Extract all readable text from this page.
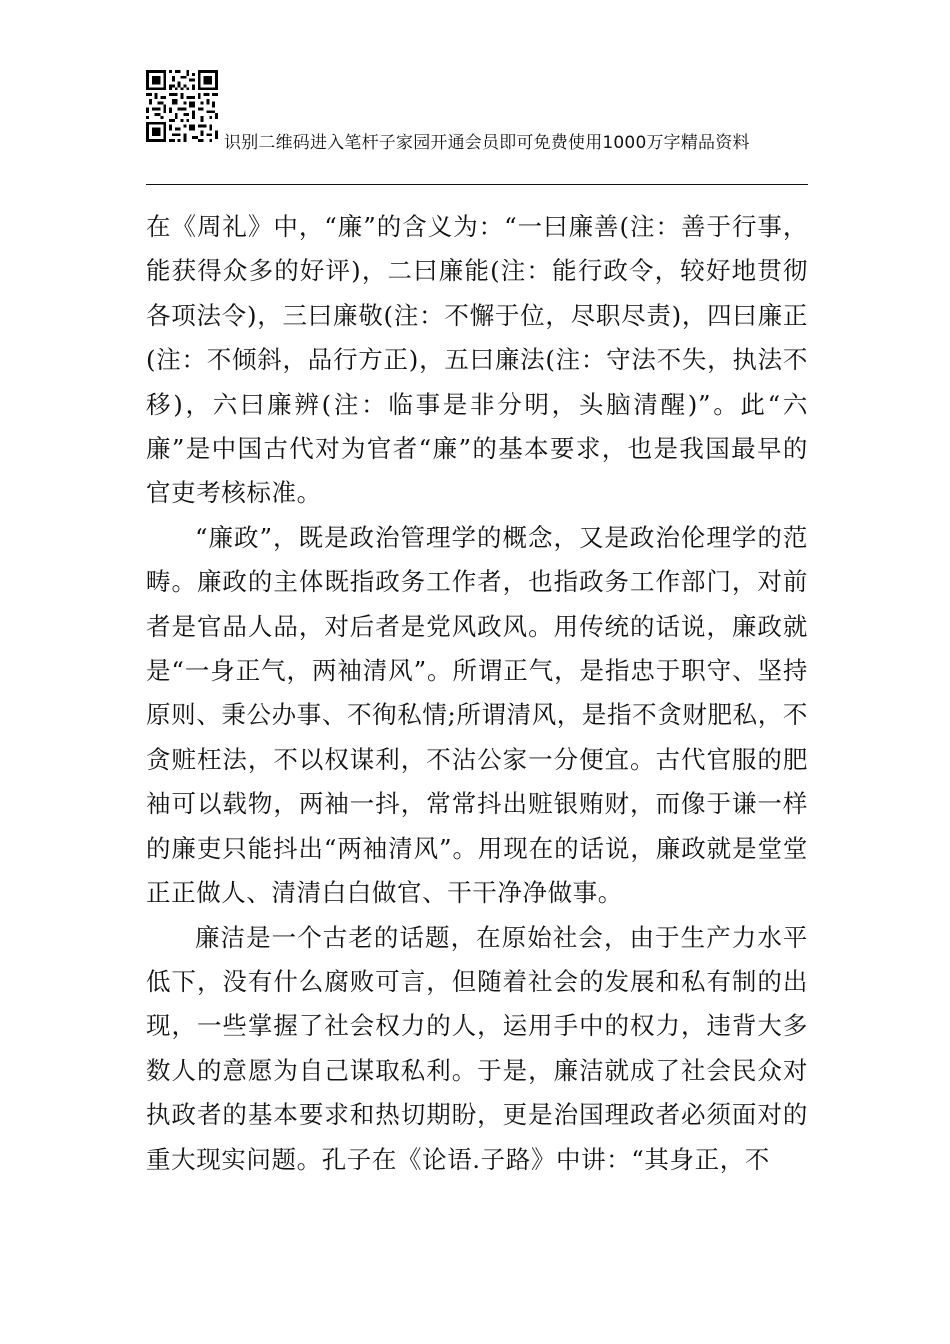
识别二维码进入笔杆子家园开通会员即可免费使用1000万字精品资料

在《周礼》中，“廉”的含义为：“一曰廉善(注：善于行事，能获得众多的好评)，二曰廉能(注：能行政令，较好地贯彻各项法令)，三曰廉敬(注：不懈于位，尽职尽责)，四曰廉正(注：不倾斜，品行方正)，五曰廉法(注：守法不失，执法不移)，六曰廉辨(注：临事是非分明，头脑清醒)”。此“六廉”是中国古代对为官者“廉”的基本要求，也是我国最早的官吏考核标准。

“廉政”，既是政治管理学的概念，又是政治伦理学的范畴。廉政的主体既指政务工作者，也指政务工作部门，对前者是官品人品，对后者是党风政风。用传统的话说，廉政就是“一身正气，两袖清风”。所谓正气，是指忠于职守、坚持原则、秉公办事、不徇私情;所谓清风，是指不贪财肥私，不贪赃枉法，不以权谋利，不沾公家一分便宜。古代官服的肥袖可以载物，两袖一抖，常常抖出赃银贿财，而像于谦一样的廉吏只能抖出“两袖清风”。用现在的话说，廉政就是堂堂正正做人、清清白白做官、干干净净做事。

廉洁是一个古老的话题，在原始社会，由于生产力水平低下，没有什么腐败可言，但随着社会的发展和私有制的出现，一些掌握了社会权力的人，运用手中的权力，违背大多数人的意愿为自己谋取私利。于是，廉洁就成了社会民众对执政者的基本要求和热切期盼，更是治国理政者必须面对的重大现实问题。孔子在《论语.子路》中讲：“其身正，不
